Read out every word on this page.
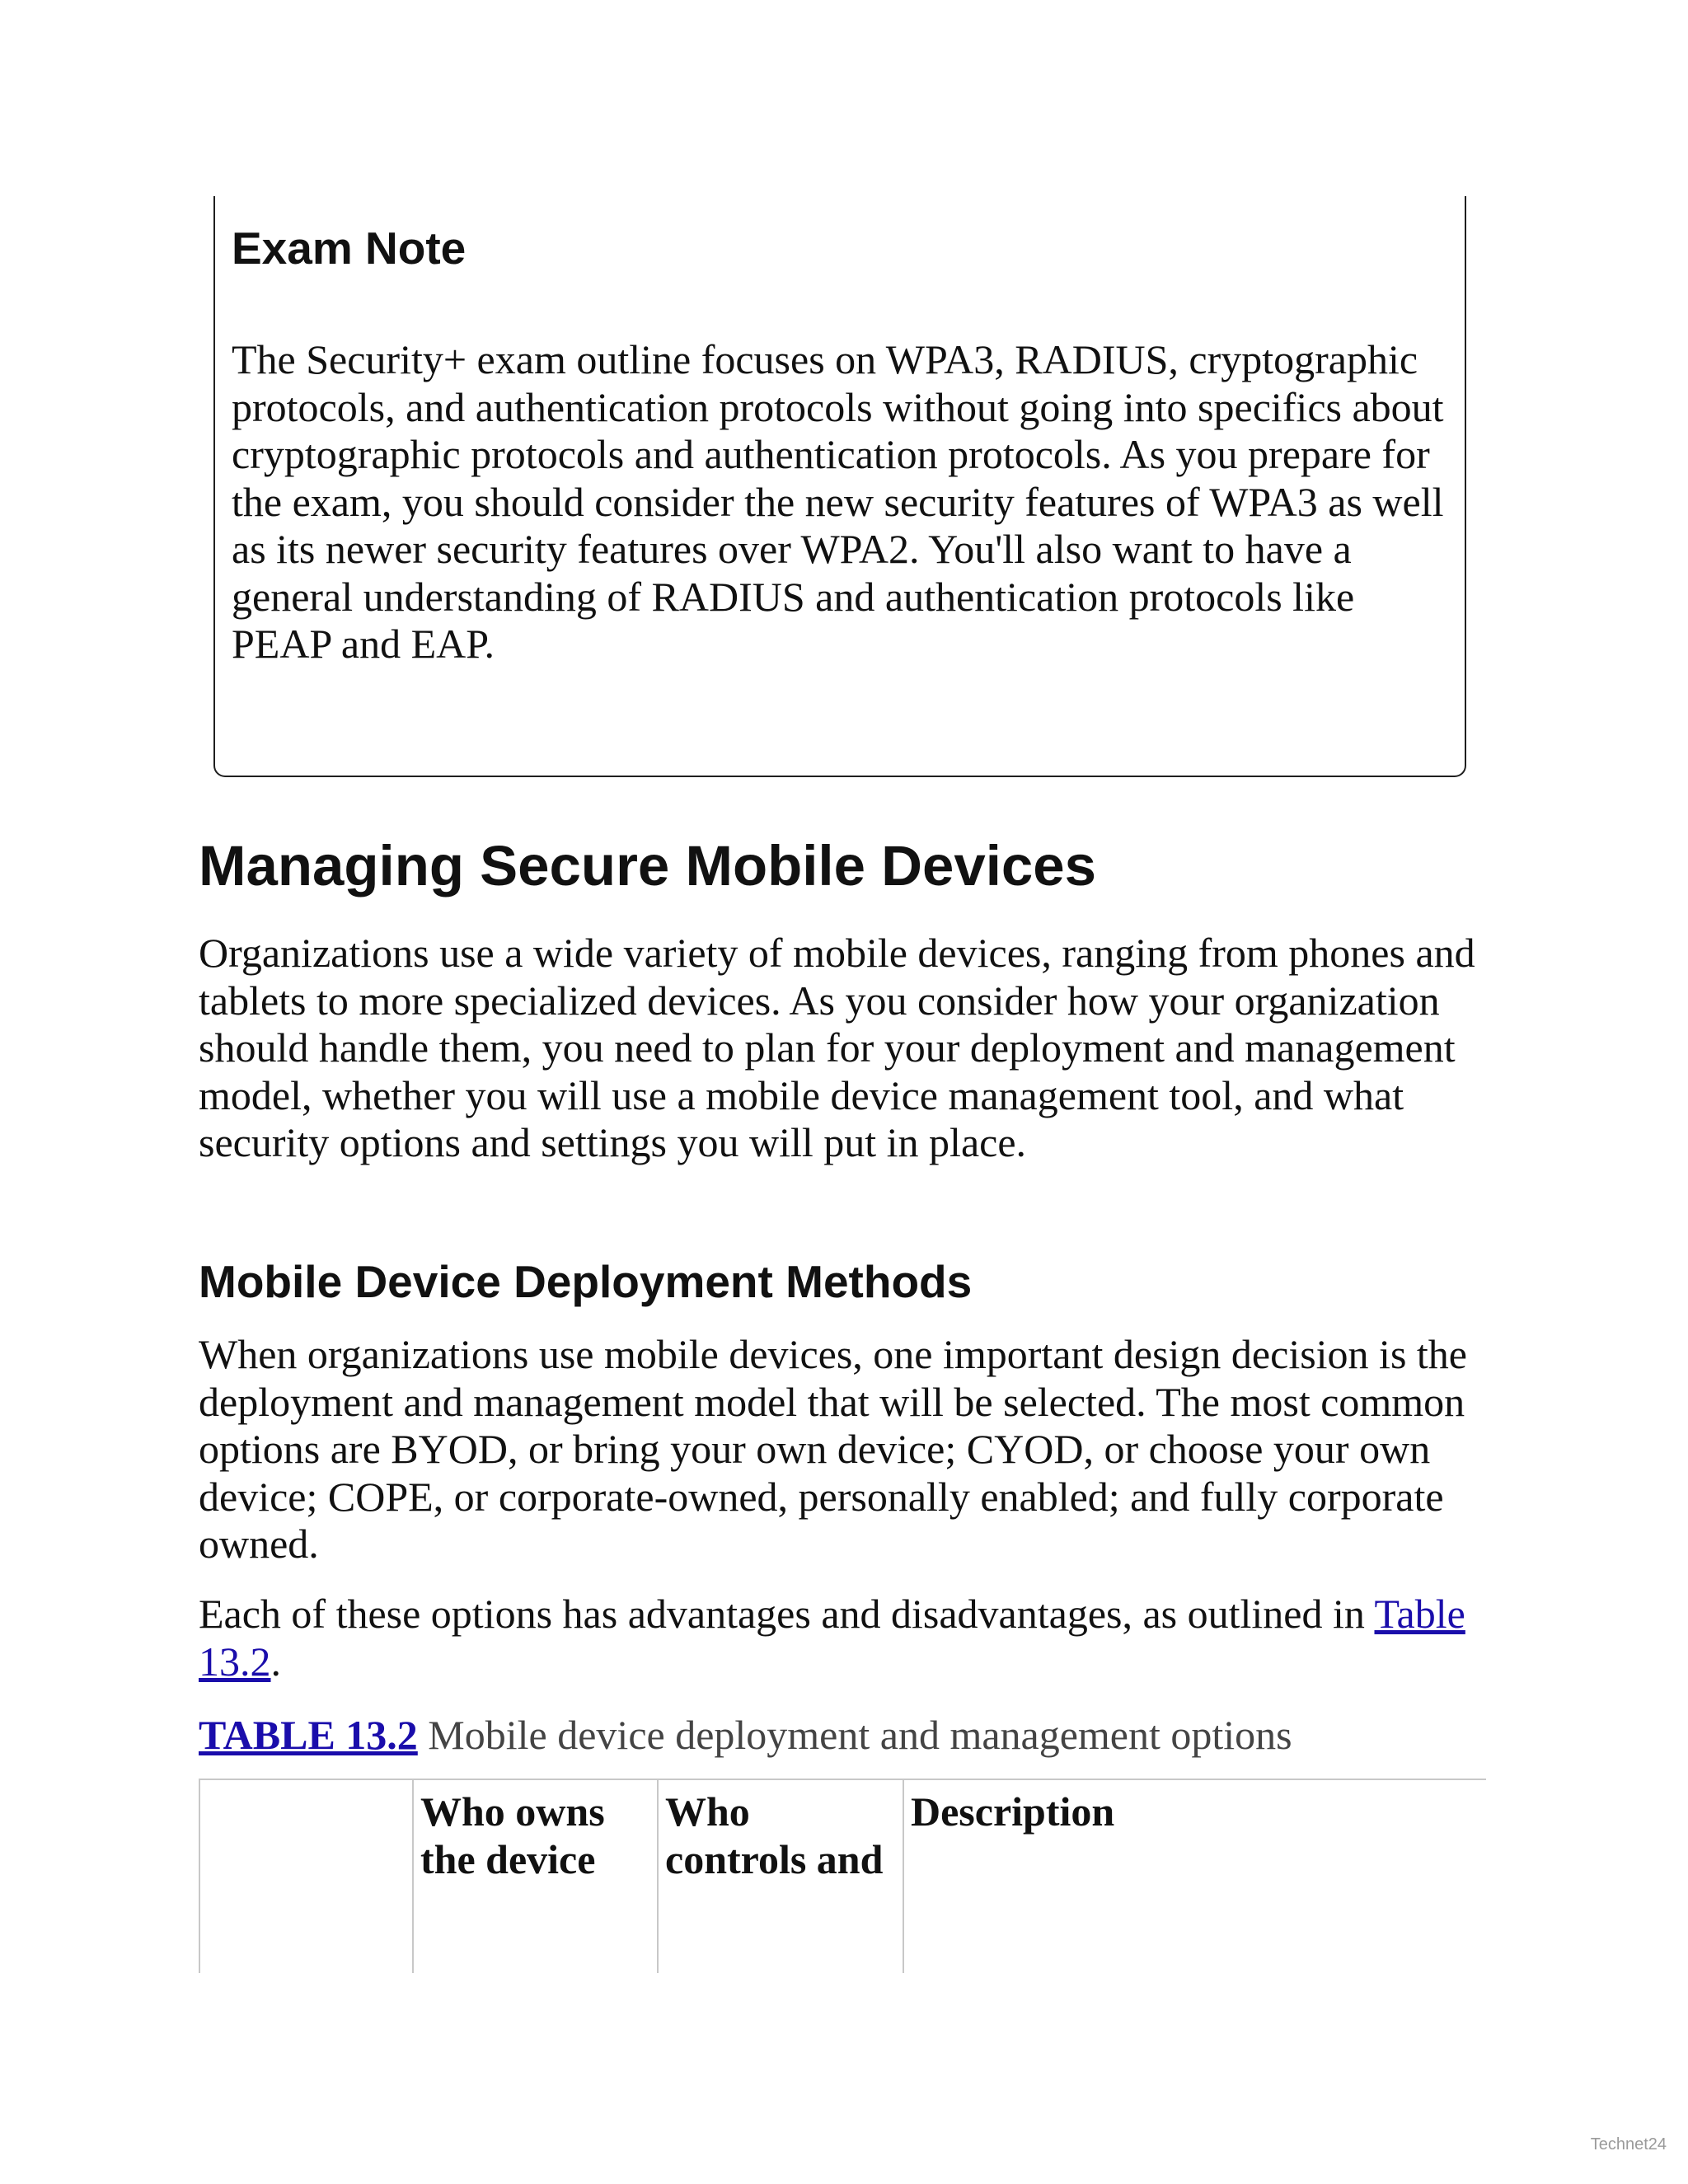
Exam Note

The Security+ exam outline focuses on WPA3, RADIUS, cryptographic protocols, and authentication protocols without going into specifics about cryptographic protocols and authentication protocols. As you prepare for the exam, you should consider the new security features of WPA3 as well as its newer security features over WPA2. You'll also want to have a general understanding of RADIUS and authentication protocols like PEAP and EAP.

Managing Secure Mobile Devices

Organizations use a wide variety of mobile devices, ranging from phones and tablets to more specialized devices. As you consider how your organization should handle them, you need to plan for your deployment and management model, whether you will use a mobile device management tool, and what security options and settings you will put in place.

Mobile Device Deployment Methods

When organizations use mobile devices, one important design decision is the deployment and management model that will be selected. The most common options are BYOD, or bring your own device; CYOD, or choose your own device; COPE, or corporate-owned, personally enabled; and fully corporate owned.

Each of these options has advantages and disadvantages, as outlined in Table 13.2.

TABLE 13.2 Mobile device deployment and management options

	Who owns the device	Who controls and	Description

Technet24
